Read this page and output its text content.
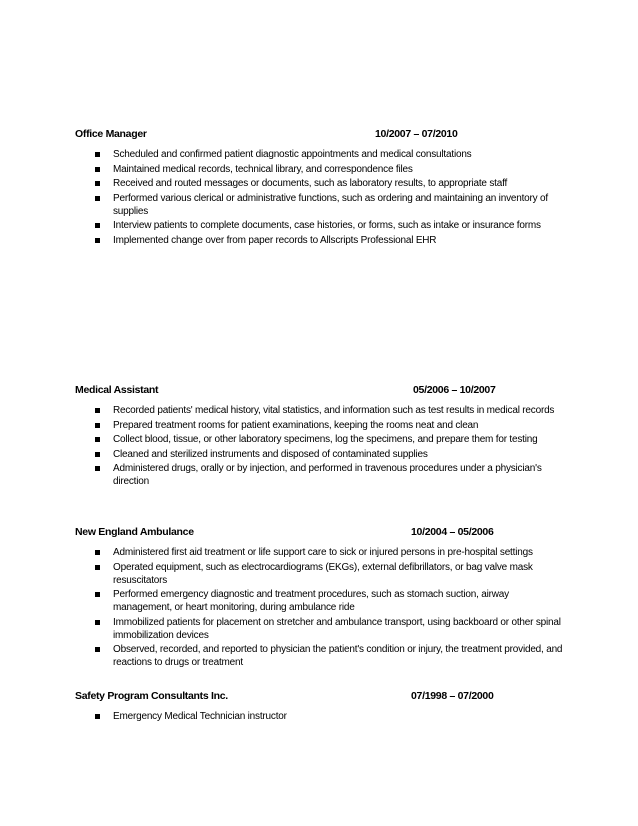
Office Manager	10/2007 – 07/2010
Scheduled and confirmed patient diagnostic appointments and medical consultations
Maintained medical records, technical library, and correspondence files
Received and routed messages or documents, such as laboratory results, to appropriate staff
Performed various clerical or administrative functions, such as ordering and maintaining an inventory of supplies
Interview patients to complete documents, case histories, or forms, such as intake or insurance forms
Implemented change over from paper records to Allscripts Professional EHR
Medical Assistant	05/2006 – 10/2007
Recorded patients' medical history, vital statistics, and information such as test results in medical records
Prepared treatment rooms for patient examinations, keeping the rooms neat and clean
Collect blood, tissue, or other laboratory specimens, log the specimens, and prepare them for testing
Cleaned and sterilized instruments and disposed of contaminated supplies
Administered drugs, orally or by injection, and performed in travenous procedures under a physician's direction
New England Ambulance	10/2004 – 05/2006
Administered first aid treatment or life support care to sick or injured persons in pre-hospital settings
Operated equipment, such as electrocardiograms (EKGs), external defibrillators, or bag valve mask resuscitators
Performed emergency diagnostic and treatment procedures, such as stomach suction, airway management, or heart monitoring, during ambulance ride
Immobilized patients for placement on stretcher and ambulance transport, using backboard or other spinal immobilization devices
Observed, recorded, and reported to physician the patient's condition or injury, the treatment provided, and reactions to drugs or treatment
Safety Program Consultants Inc.	07/1998 – 07/2000
Emergency Medical Technician instructor
